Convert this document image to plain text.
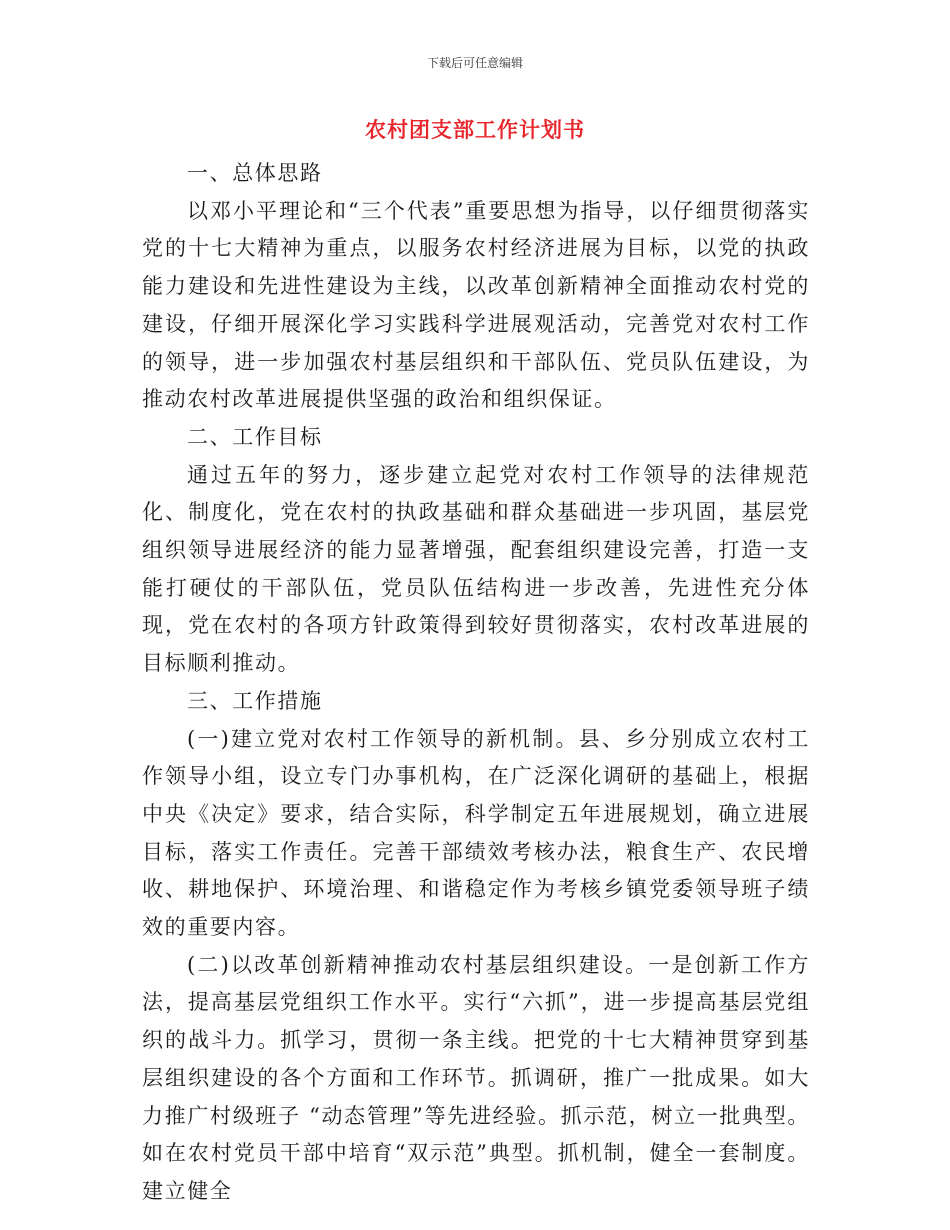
下载后可任意编辑
农村团支部工作计划书

一、总体思路

以邓小平理论和“三个代表”重要思想为指导，以仔细贯彻落实党的十七大精神为重点，以服务农村经济进展为目标，以党的执政能力建设和先进性建设为主线，以改革创新精神全面推动农村党的建设，仔细开展深化学习实践科学进展观活动，完善党对农村工作的领导，进一步加强农村基层组织和干部队伍、党员队伍建设，为推动农村改革进展提供坚强的政治和组织保证。

二、工作目标

通过五年的努力，逐步建立起党对农村工作领导的法律规范化、制度化，党在农村的执政基础和群众基础进一步巩固，基层党组织领导进展经济的能力显著增强，配套组织建设完善，打造一支能打硬仗的干部队伍，党员队伍结构进一步改善，先进性充分体现，党在农村的各项方针政策得到较好贯彻落实，农村改革进展的目标顺利推动。

三、工作措施

(一)建立党对农村工作领导的新机制。县、乡分别成立农村工作领导小组，设立专门办事机构，在广泛深化调研的基础上，根据中央《决定》要求，结合实际，科学制定五年进展规划，确立进展目标，落实工作责任。完善干部绩效考核办法，粮食生产、农民增收、耕地保护、环境治理、和谐稳定作为考核乡镇党委领导班子绩效的重要内容。

(二)以改革创新精神推动农村基层组织建设。一是创新工作方法，提高基层党组织工作水平。实行“六抓”，进一步提高基层党组织的战斗力。抓学习，贯彻一条主线。把党的十七大精神贯穿到基层组织建设的各个方面和工作环节。抓调研，推广一批成果。如大力推广村级班子 “动态管理”等先进经验。抓示范，树立一批典型。如在农村党员干部中培育“双示范”典型。抓机制，健全一套制度。建立健全
